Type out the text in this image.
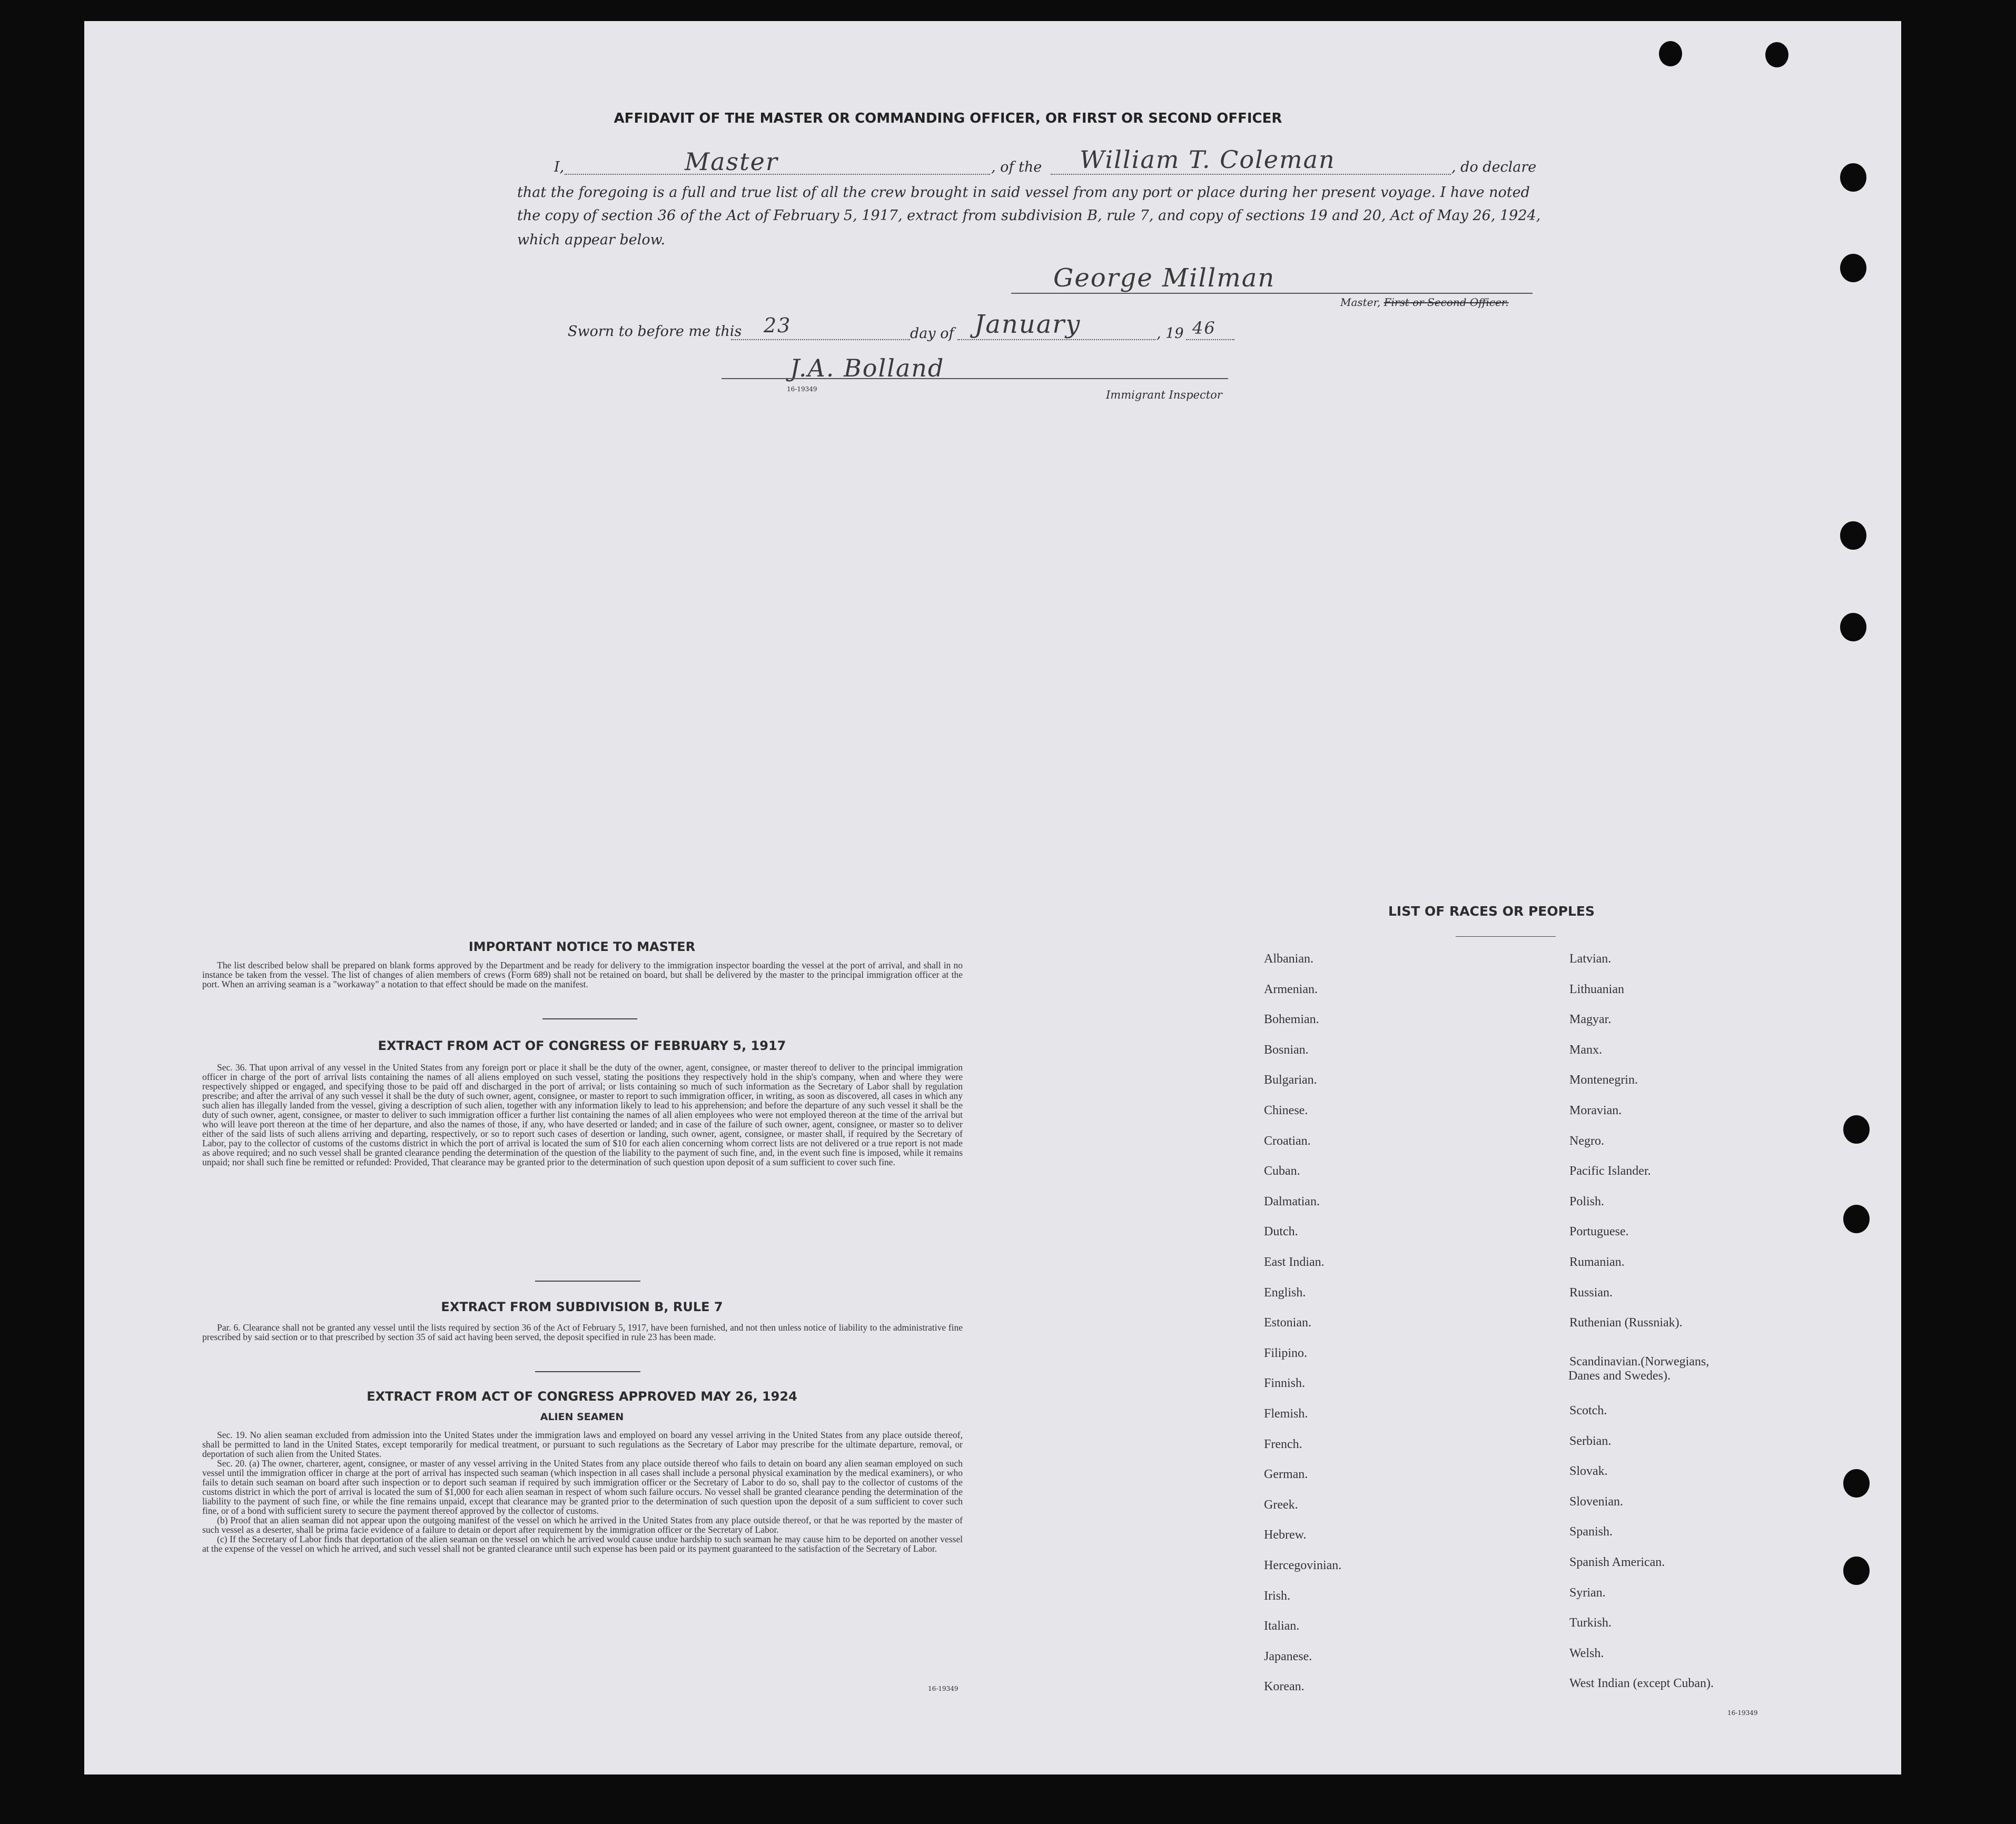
AFFIDAVIT OF THE MASTER OR COMMANDING OFFICER, OR FIRST OR SECOND OFFICER
I,	Master	, of the William T. Coleman	, do declare
that the foregoing is a full and true list of all the crew brought in said vessel from any port or place during her present voyage. I have noted
the copy of section 36 of the Act of February 5, 1917, extract from subdivision B, rule 7, and copy of sections 19 and 20, Act of May 26, 1924,
which appear below.
George Millman
Master, First or Second Officer.
Sworn to before me this 23	day of January	, 19 46
J.A. Bolland
16-19349	Immigrant Inspector
IMPORTANT NOTICE TO MASTER

The list described below shall be prepared on blank forms approved by the Department and be ready for delivery to the immigration inspector boarding the vessel at the port of arrival, and shall in no instance be taken from the vessel. The list of changes of alien members of crews (Form 689) shall not be retained on board, but shall be delivered by the master to the principal immigration officer at the port. When an arriving seaman is a "workaway" a notation to that effect should be made on the manifest.

EXTRACT FROM ACT OF CONGRESS OF FEBRUARY 5, 1917

Sec. 36. That upon arrival of any vessel in the United States from any foreign port or place it shall be the duty of the owner, agent, consignee, or master thereof to deliver to the principal immigration officer in charge of the port of arrival lists containing the names of all aliens employed on such vessel, stating the positions they respectively hold in the ship's company, when and where they were respectively shipped or engaged, and specifying those to be paid off and discharged in the port of arrival; or lists containing so much of such information as the Secretary of Labor shall by regulation prescribe; and after the arrival of any such vessel it shall be the duty of such owner, agent, consignee, or master to report to such immigration officer, in writing, as soon as discovered, all cases in which any such alien has illegally landed from the vessel, giving a description of such alien, together with any information likely to lead to his apprehension; and before the departure of any such vessel it shall be the duty of such owner, agent, consignee, or master to deliver to such immigration officer a further list containing the names of all alien employees who were not employed thereon at the time of the arrival but who will leave port thereon at the time of her departure, and also the names of those, if any, who have deserted or landed; and in case of the failure of such owner, agent, consignee, or master so to deliver either of the said lists of such aliens arriving and departing, respectively, or so to report such cases of desertion or landing, such owner, agent, consignee, or master shall, if required by the Secretary of Labor, pay to the collector of customs of the customs district in which the port of arrival is located the sum of $10 for each alien concerning whom correct lists are not delivered or a true report is not made as above required; and no such vessel shall be granted clearance pending the determination of the question of the liability to the payment of such fine, and, in the event such fine is imposed, while it remains unpaid; nor shall such fine be remitted or refunded: Provided, That clearance may be granted prior to the determination of such question upon deposit of a sum sufficient to cover such fine.

EXTRACT FROM SUBDIVISION B, RULE 7

Par. 6. Clearance shall not be granted any vessel until the lists required by section 36 of the Act of February 5, 1917, have been furnished, and not then unless notice of liability to the administrative fine prescribed by said section or to that prescribed by section 35 of said act having been served, the deposit specified in rule 23 has been made.

EXTRACT FROM ACT OF CONGRESS APPROVED MAY 26, 1924
ALIEN SEAMEN

Sec. 19. No alien seaman excluded from admission into the United States under the immigration laws and employed on board any vessel arriving in the United States from any place outside thereof, shall be permitted to land in the United States, except temporarily for medical treatment, or pursuant to such regulations as the Secretary of Labor may prescribe for the ultimate departure, removal, or deportation of such alien from the United States.

Sec. 20. (a) The owner, charterer, agent, consignee, or master of any vessel arriving in the United States from any place outside thereof who fails to detain on board any alien seaman employed on such vessel until the immigration officer in charge at the port of arrival has inspected such seaman (which inspection in all cases shall include a personal physical examination by the medical examiners), or who fails to detain such seaman on board after such inspection or to deport such seaman if required by such immigration officer or the Secretary of Labor to do so, shall pay to the collector of customs of the customs district in which the port of arrival is located the sum of $1,000 for each alien seaman in respect of whom such failure occurs. No vessel shall be granted clearance pending the determination of the liability to the payment of such fine, or while the fine remains unpaid, except that clearance may be granted prior to the determination of such question upon the deposit of a sum sufficient to cover such fine, or of a bond with sufficient surety to secure the payment thereof approved by the collector of customs.

(b) Proof that an alien seaman did not appear upon the outgoing manifest of the vessel on which he arrived in the United States from any place outside thereof, or that he was reported by the master of such vessel as a deserter, shall be prima facie evidence of a failure to detain or deport after requirement by the immigration officer or the Secretary of Labor.

(c) If the Secretary of Labor finds that deportation of the alien seaman on the vessel on which he arrived would cause undue hardship to such seaman he may cause him to be deported on another vessel at the expense of the vessel on which he arrived, and such vessel shall not be granted clearance until such expense has been paid or its payment guaranteed to the satisfaction of the Secretary of Labor.

16-19349
LIST OF RACES OR PEOPLES
Albanian.
Armenian.
Bohemian.
Bosnian.
Bulgarian.
Chinese.
Croatian.
Cuban.
Dalmatian.
Dutch.
East Indian.
English.
Estonian.
Filipino.
Finnish.
Flemish.
French.
German.
Greek.
Hebrew.
Hercegovinian.
Irish.
Italian.
Japanese.
Korean.
Latvian.
Lithuanian
Magyar.
Manx.
Montenegrin.
Moravian.
Negro.
Pacific Islander.
Polish.
Portuguese.
Rumanian.
Russian.
Ruthenian (Russniak).
Scandinavian.(Norwegians,
Scotch.
Serbian.
Slovak.
Slovenian.
Spanish.
Spanish American.
Syrian.
Turkish.
Welsh.
West Indian (except Cuban).
Danes and Swedes).
16-19349
